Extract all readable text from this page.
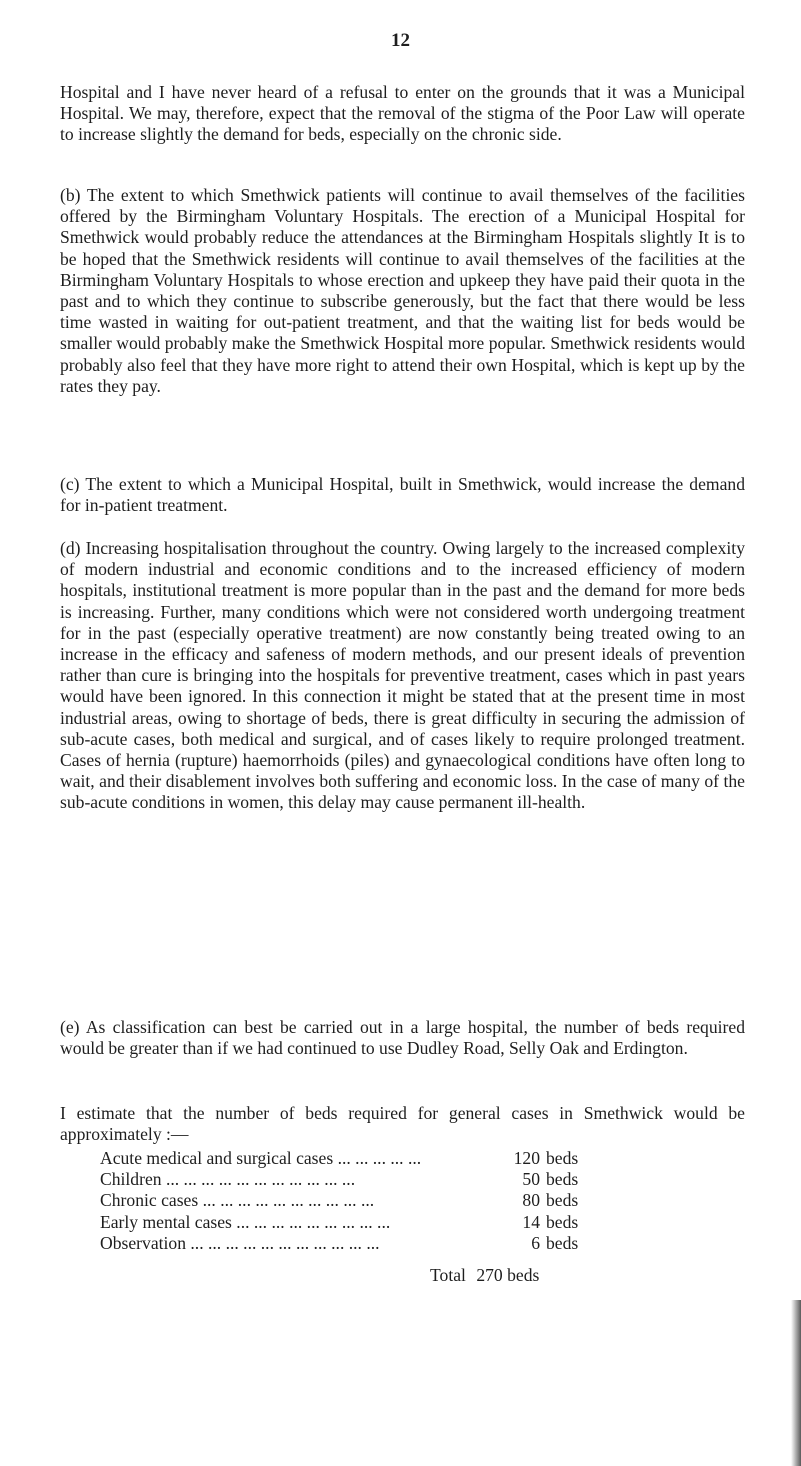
12

Hospital and I have never heard of a refusal to enter on the grounds that it was a Municipal Hospital. We may, therefore, expect that the removal of the stigma of the Poor Law will operate to increase slightly the demand for beds, especially on the chronic side.

(b) The extent to which Smethwick patients will continue to avail themselves of the facilities offered by the Birmingham Voluntary Hospitals. The erection of a Municipal Hospital for Smethwick would probably reduce the attendances at the Birmingham Hospitals slightly It is to be hoped that the Smethwick residents will continue to avail themselves of the facilities at the Birmingham Voluntary Hospitals to whose erection and upkeep they have paid their quota in the past and to which they continue to subscribe generously, but the fact that there would be less time wasted in waiting for out-patient treatment, and that the waiting list for beds would be smaller would probably make the Smethwick Hospital more popular. Smethwick residents would probably also feel that they have more right to attend their own Hospital, which is kept up by the rates they pay.

(c) The extent to which a Municipal Hospital, built in Smethwick, would increase the demand for in-patient treatment.

(d) Increasing hospitalisation throughout the country. Owing largely to the increased complexity of modern industrial and economic conditions and to the increased efficiency of modern hospitals, institutional treatment is more popular than in the past and the demand for more beds is increasing. Further, many conditions which were not considered worth undergoing treatment for in the past (especially operative treatment) are now constantly being treated owing to an increase in the efficacy and safeness of modern methods, and our present ideals of prevention rather than cure is bringing into the hospitals for preventive treatment, cases which in past years would have been ignored. In this connection it might be stated that at the present time in most industrial areas, owing to shortage of beds, there is great difficulty in securing the admission of sub-acute cases, both medical and surgical, and of cases likely to require prolonged treatment. Cases of hernia (rupture) haemorrhoids (piles) and gynaecological conditions have often long to wait, and their disablement involves both suffering and economic loss. In the case of many of the sub-acute conditions in women, this delay may cause permanent ill-health.

(e) As classification can best be carried out in a large hospital, the number of beds required would be greater than if we had continued to use Dudley Road, Selly Oak and Erdington.

I estimate that the number of beds required for general cases in Smethwick would be approximately :—

Acute medical and surgical cases ... ... ... ... ...	120 beds
Children ... ... ... ... ... ... ... ... ... ... ...	50 beds
Chronic cases ... ... ... ... ... ... ... ... ... ...	80 beds
Early mental cases ... ... ... ... ... ... ... ... ...	14 beds
Observation ... ... ... ... ... ... ... ... ... ... ...	6 beds
Total 270 beds
